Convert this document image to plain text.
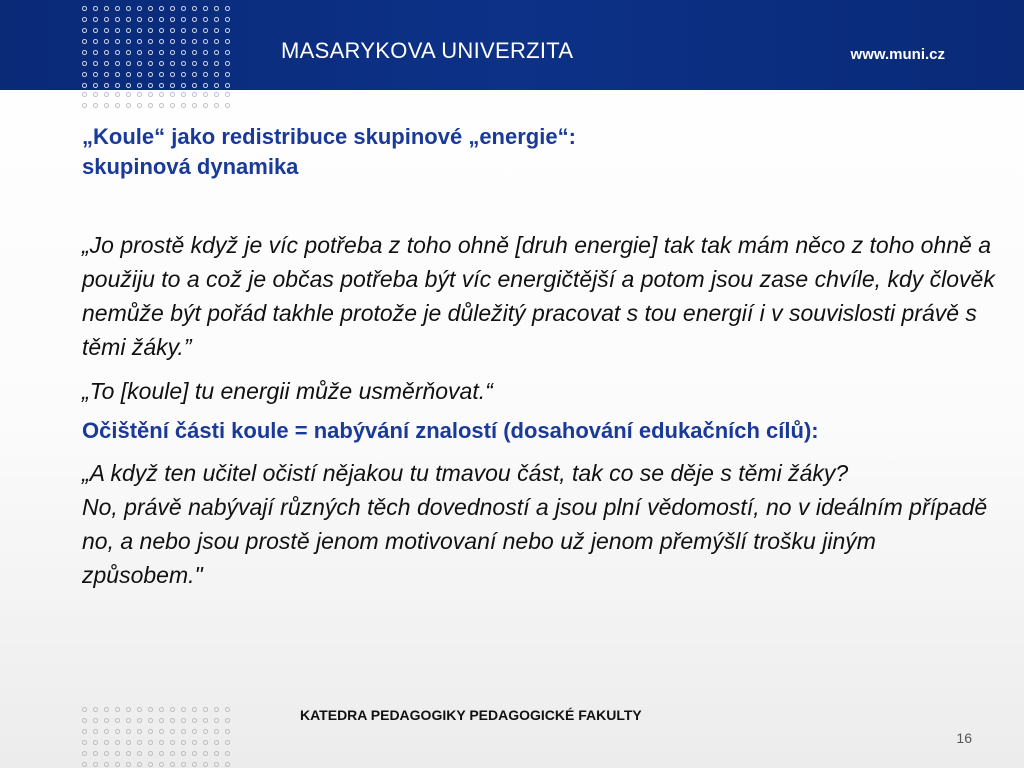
MASARYKOVA UNIVERZITA	www.muni.cz

„Koule“ jako redistribuce skupinové „energie“:

skupinová dynamika

„Jo prostě když je víc potřeba z toho ohně [druh energie] tak tak mám něco z toho ohně a použiju to a což je občas potřeba být víc energičtější a potom jsou zase chvíle, kdy člověk nemůže být pořád takhle protože je důležitý pracovat s tou energií i v souvislosti právě s těmi žáky.”

„To [koule] tu energii může usměrňovat.“

Očištění části koule = nabývání znalostí (dosahování edukačních cílů):

„A když ten učitel očistí nějakou tu tmavou část, tak co se děje s těmi žáky?

No, právě nabývají různých těch dovedností a jsou plní vědomostí, no v ideálním případě no, a nebo jsou prostě jenom motivovaní nebo už jenom přemýšlí trošku jiným způsobem."

KATEDRA PEDAGOGIKY PEDAGOGICKÉ FAKULTY
16
